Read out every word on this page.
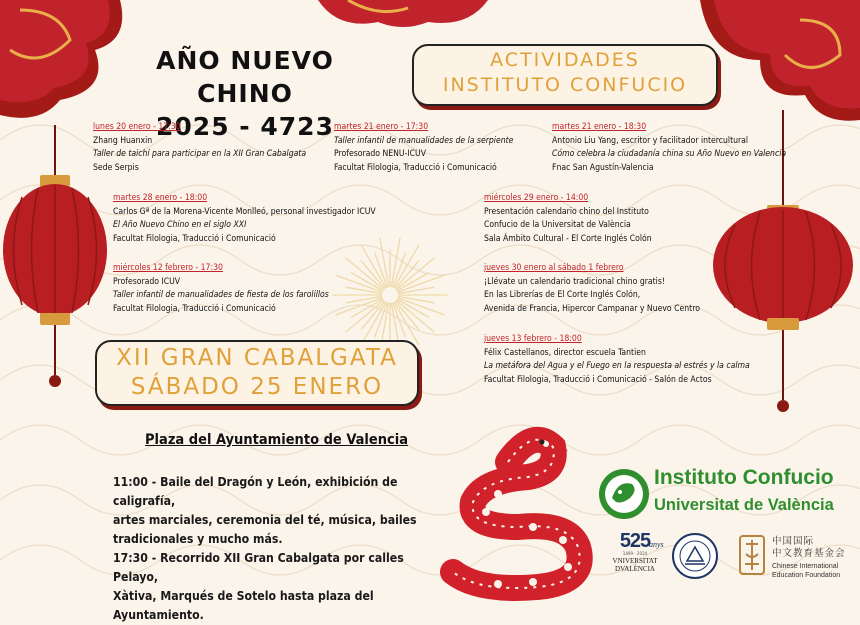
AÑO NUEVO CHINO
2025 - 4723
ACTIVIDADES
INSTITUTO CONFUCIO
lunes 20 enero - 17:30
Zhang Huanxin
Taller de taichí para participar en la XII Gran Cabalgata
Sede Serpis
martes 21 enero - 17:30
Taller infantil de manualidades de la serpiente
Profesorado NENU-ICUV
Facultat Filologia, Traducció i Comunicació
martes 21 enero - 18:30
Antonio Liu Yang, escritor y facilitador intercultural
Cómo celebra la ciudadanía china su Año Nuevo en Valencia
Fnac San Agustín-Valencia
martes 28 enero - 18:00
Carlos Gª de la Morena-Vicente Monlleó, personal investigador ICUV
El Año Nuevo Chino en el siglo XXI
Facultat Filologia, Traducció i Comunicació
miércoles 29 enero - 14:00
Presentación calendario chino del Instituto
Confucio de la Universitat de València
Sala Ámbito Cultural - El Corte Inglés Colón
miércoles 12 febrero - 17:30
Profesorado ICUV
Taller infantil de manualidades de fiesta de los farolillos
Facultat Filologia, Traducció i Comunicació
jueves 30 enero al sábado 1 febrero
¡Llévate un calendario tradicional chino gratis!
En las Librerías de El Corte Inglés Colón,
Avenida de Francia, Hipercor Campanar y Nuevo Centro
jueves 13 febrero - 18:00
Félix Castellanos, director escuela Tantien
La metáfora del Agua y el Fuego en la respuesta al estrés y la calma
Facultat Filologia, Traducció i Comunicació - Salón de Actos
XII GRAN CABALGATA
SÁBADO 25 ENERO
Plaza del Ayuntamiento de Valencia
11:00 - Baile del Dragón y León, exhibición de caligrafía,
artes marciales, ceremonia del té, música, bailes
tradicionales y mucho más.
17:30 - Recorrido XII Gran Cabalgata por calles Pelayo,
Xàtiva, Marqués de Sotelo hasta plaza del Ayuntamiento.
Instituto Confucio
Universitat de València
525
anys
1499 · 2024
VNIVERSITAT
DVALÈNCIA
中国国际
中文教育基金会
Chinese International
Education Foundation
